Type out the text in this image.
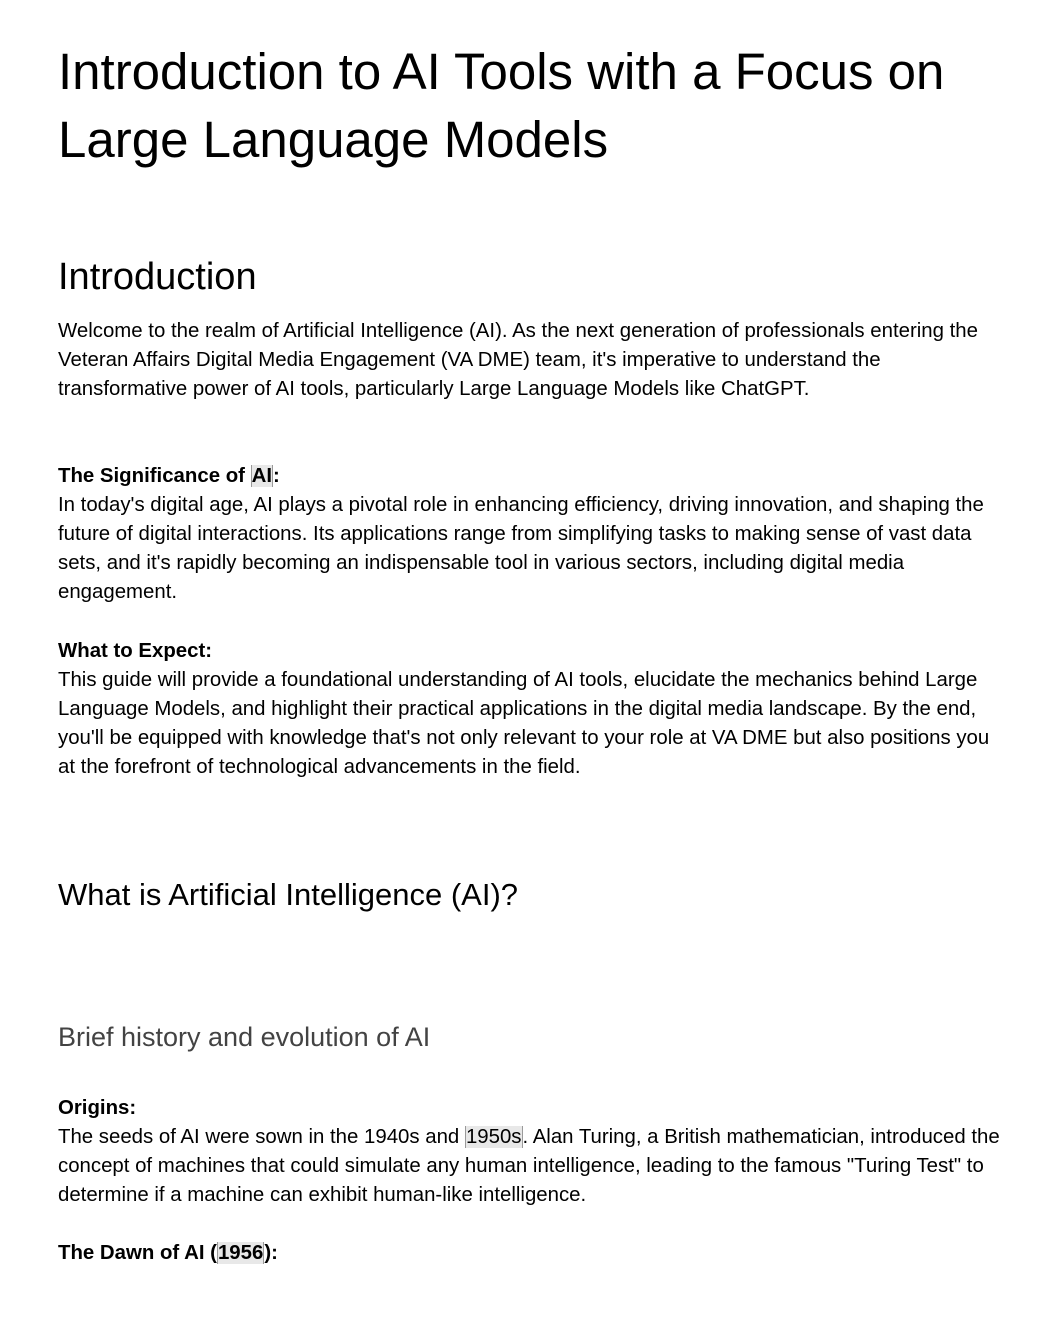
Introduction to AI Tools with a Focus on Large Language Models
Introduction

Welcome to the realm of Artificial Intelligence (AI). As the next generation of professionals entering the Veteran Affairs Digital Media Engagement (VA DME) team, it's imperative to understand the transformative power of AI tools, particularly Large Language Models like ChatGPT.

The Significance of AI:
In today's digital age, AI plays a pivotal role in enhancing efficiency, driving innovation, and shaping the future of digital interactions. Its applications range from simplifying tasks to making sense of vast data sets, and it's rapidly becoming an indispensable tool in various sectors, including digital media engagement.

What to Expect:
This guide will provide a foundational understanding of AI tools, elucidate the mechanics behind Large Language Models, and highlight their practical applications in the digital media landscape. By the end, you'll be equipped with knowledge that's not only relevant to your role at VA DME but also positions you at the forefront of technological advancements in the field.

What is Artificial Intelligence (AI)?
Brief history and evolution of AI

Origins:
The seeds of AI were sown in the 1940s and 1950s. Alan Turing, a British mathematician, introduced the concept of machines that could simulate any human intelligence, leading to the famous "Turing Test" to determine if a machine can exhibit human-like intelligence.

The Dawn of AI (1956):
